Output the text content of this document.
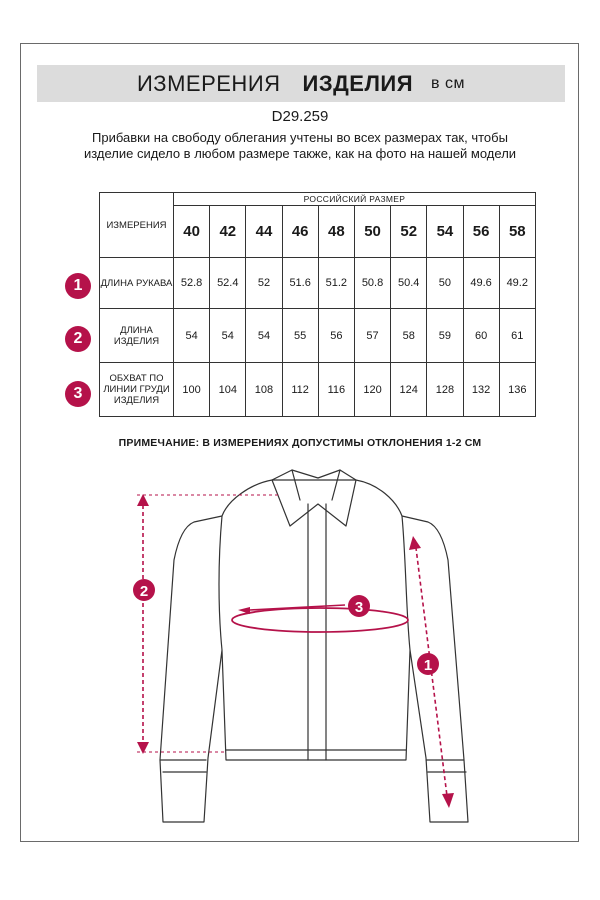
ИЗМЕРЕНИЯ ИЗДЕЛИЯ в см
D29.259
Прибавки на свободу облегания учтены во всех размерах так, чтобы изделие сидело в любом размере также, как на фото на нашей модели
ИЗМЕРЕНИЯ	РОССИЙСКИЙ РАЗМЕР									
	40	42	44	46	48	50	52	54	56	58
ДЛИНА РУКАВА	52.8	52.4	52	51.6	51.2	50.8	50.4	50	49.6	49.2
ДЛИНА ИЗДЕЛИЯ	54	54	54	55	56	57	58	59	60	61
ОБХВАТ ПО ЛИНИИ ГРУДИ ИЗДЕЛИЯ	100	104	108	112	116	120	124	128	132	136
1
2
3
ПРИМЕЧАНИЕ: В ИЗМЕРЕНИЯХ ДОПУСТИМЫ ОТКЛОНЕНИЯ 1-2 СМ
2
3
1
